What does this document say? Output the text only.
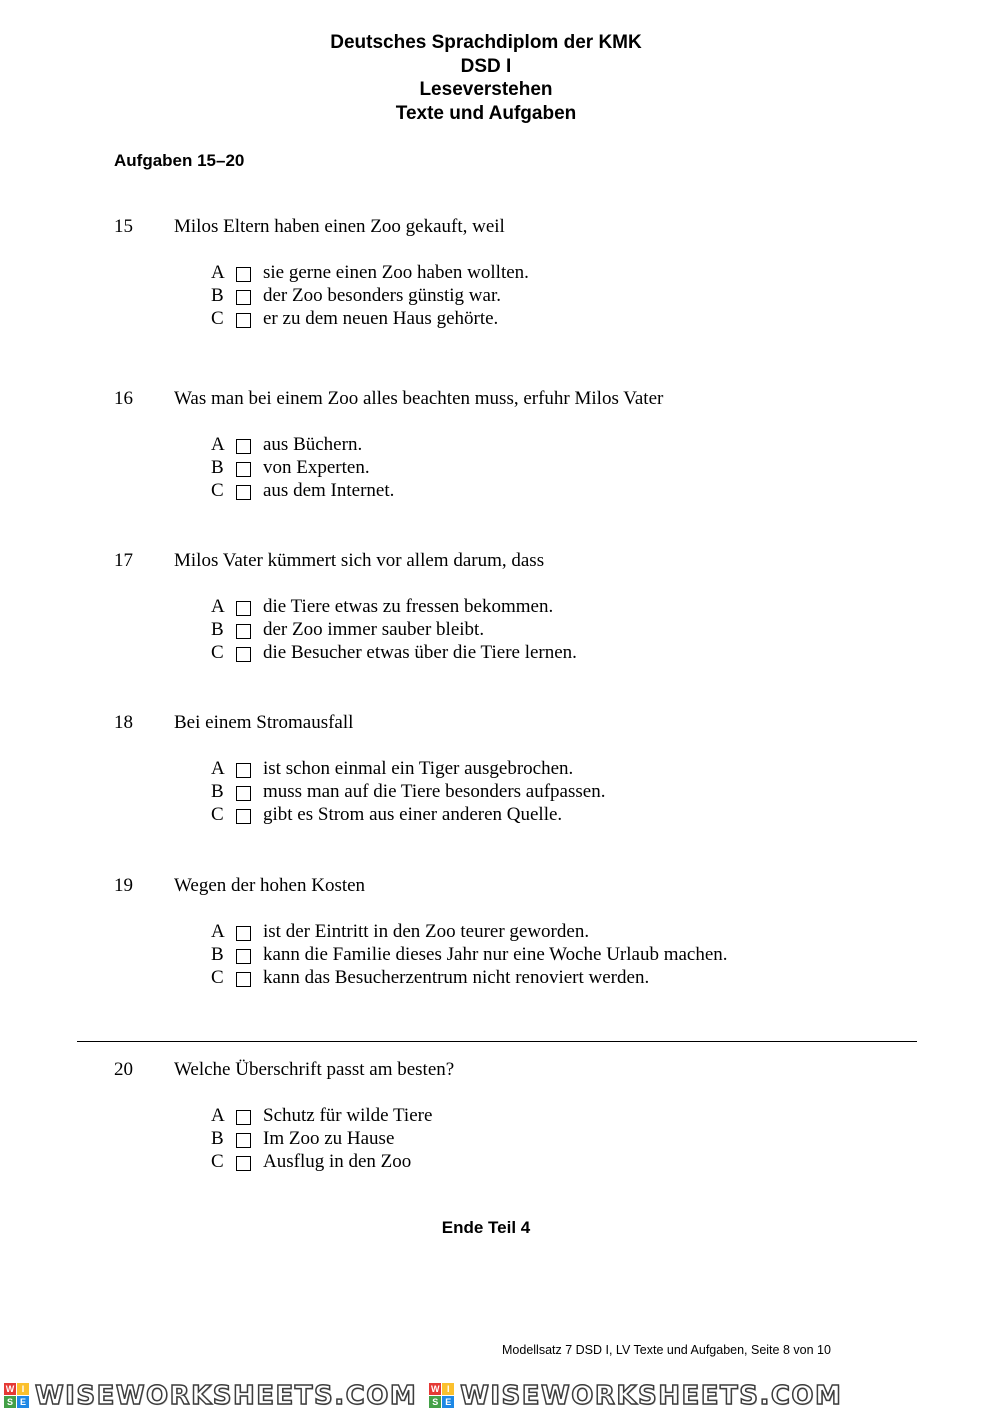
Deutsches Sprachdiplom der KMK
DSD I
Leseverstehen
Texte und Aufgaben
Aufgaben 15–20
15 Milos Eltern haben einen Zoo gekauft, weil
A sie gerne einen Zoo haben wollten.
B der Zoo besonders günstig war.
C er zu dem neuen Haus gehörte.
16 Was man bei einem Zoo alles beachten muss, erfuhr Milos Vater
A aus Büchern.
B von Experten.
C aus dem Internet.
17 Milos Vater kümmert sich vor allem darum, dass
A die Tiere etwas zu fressen bekommen.
B der Zoo immer sauber bleibt.
C die Besucher etwas über die Tiere lernen.
18 Bei einem Stromausfall
A ist schon einmal ein Tiger ausgebrochen.
B muss man auf die Tiere besonders aufpassen.
C gibt es Strom aus einer anderen Quelle.
19 Wegen der hohen Kosten
A ist der Eintritt in den Zoo teurer geworden.
B kann die Familie dieses Jahr nur eine Woche Urlaub machen.
C kann das Besucherzentrum nicht renoviert werden.
20 Welche Überschrift passt am besten?
A Schutz für wilde Tiere
B Im Zoo zu Hause
C Ausflug in den Zoo
Ende Teil 4
Modellsatz 7 DSD I, LV Texte und Aufgaben, Seite 8 von 10
W I
S E WISEWORKSHEETS.COM W I
S E WISEWORKSHEETS.COM
